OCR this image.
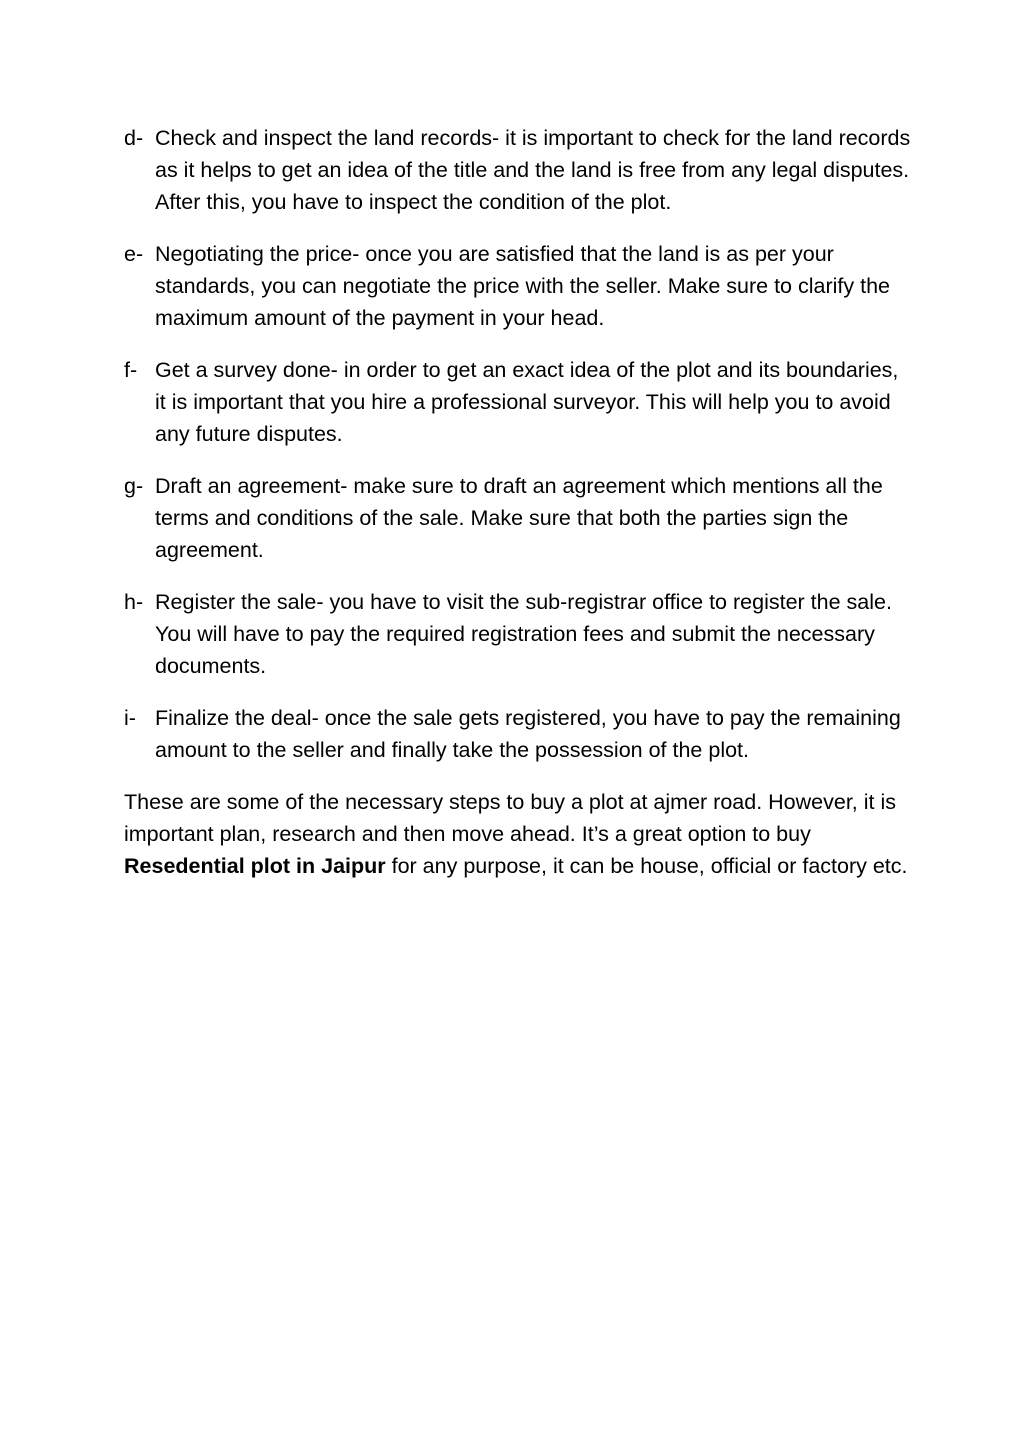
d- Check and inspect the land records- it is important to check for the land records as it helps to get an idea of the title and the land is free from any legal disputes. After this, you have to inspect the condition of the plot.
e- Negotiating the price- once you are satisfied that the land is as per your standards, you can negotiate the price with the seller. Make sure to clarify the maximum amount of the payment in your head.
f- Get a survey done- in order to get an exact idea of the plot and its boundaries, it is important that you hire a professional surveyor. This will help you to avoid any future disputes.
g- Draft an agreement- make sure to draft an agreement which mentions all the terms and conditions of the sale. Make sure that both the parties sign the agreement.
h- Register the sale- you have to visit the sub-registrar office to register the sale. You will have to pay the required registration fees and submit the necessary documents.
i- Finalize the deal- once the sale gets registered, you have to pay the remaining amount to the seller and finally take the possession of the plot.

These are some of the necessary steps to buy a plot at ajmer road. However, it is important plan, research and then move ahead. It’s a great option to buy Resedential plot in Jaipur for any purpose, it can be house, official or factory etc.
